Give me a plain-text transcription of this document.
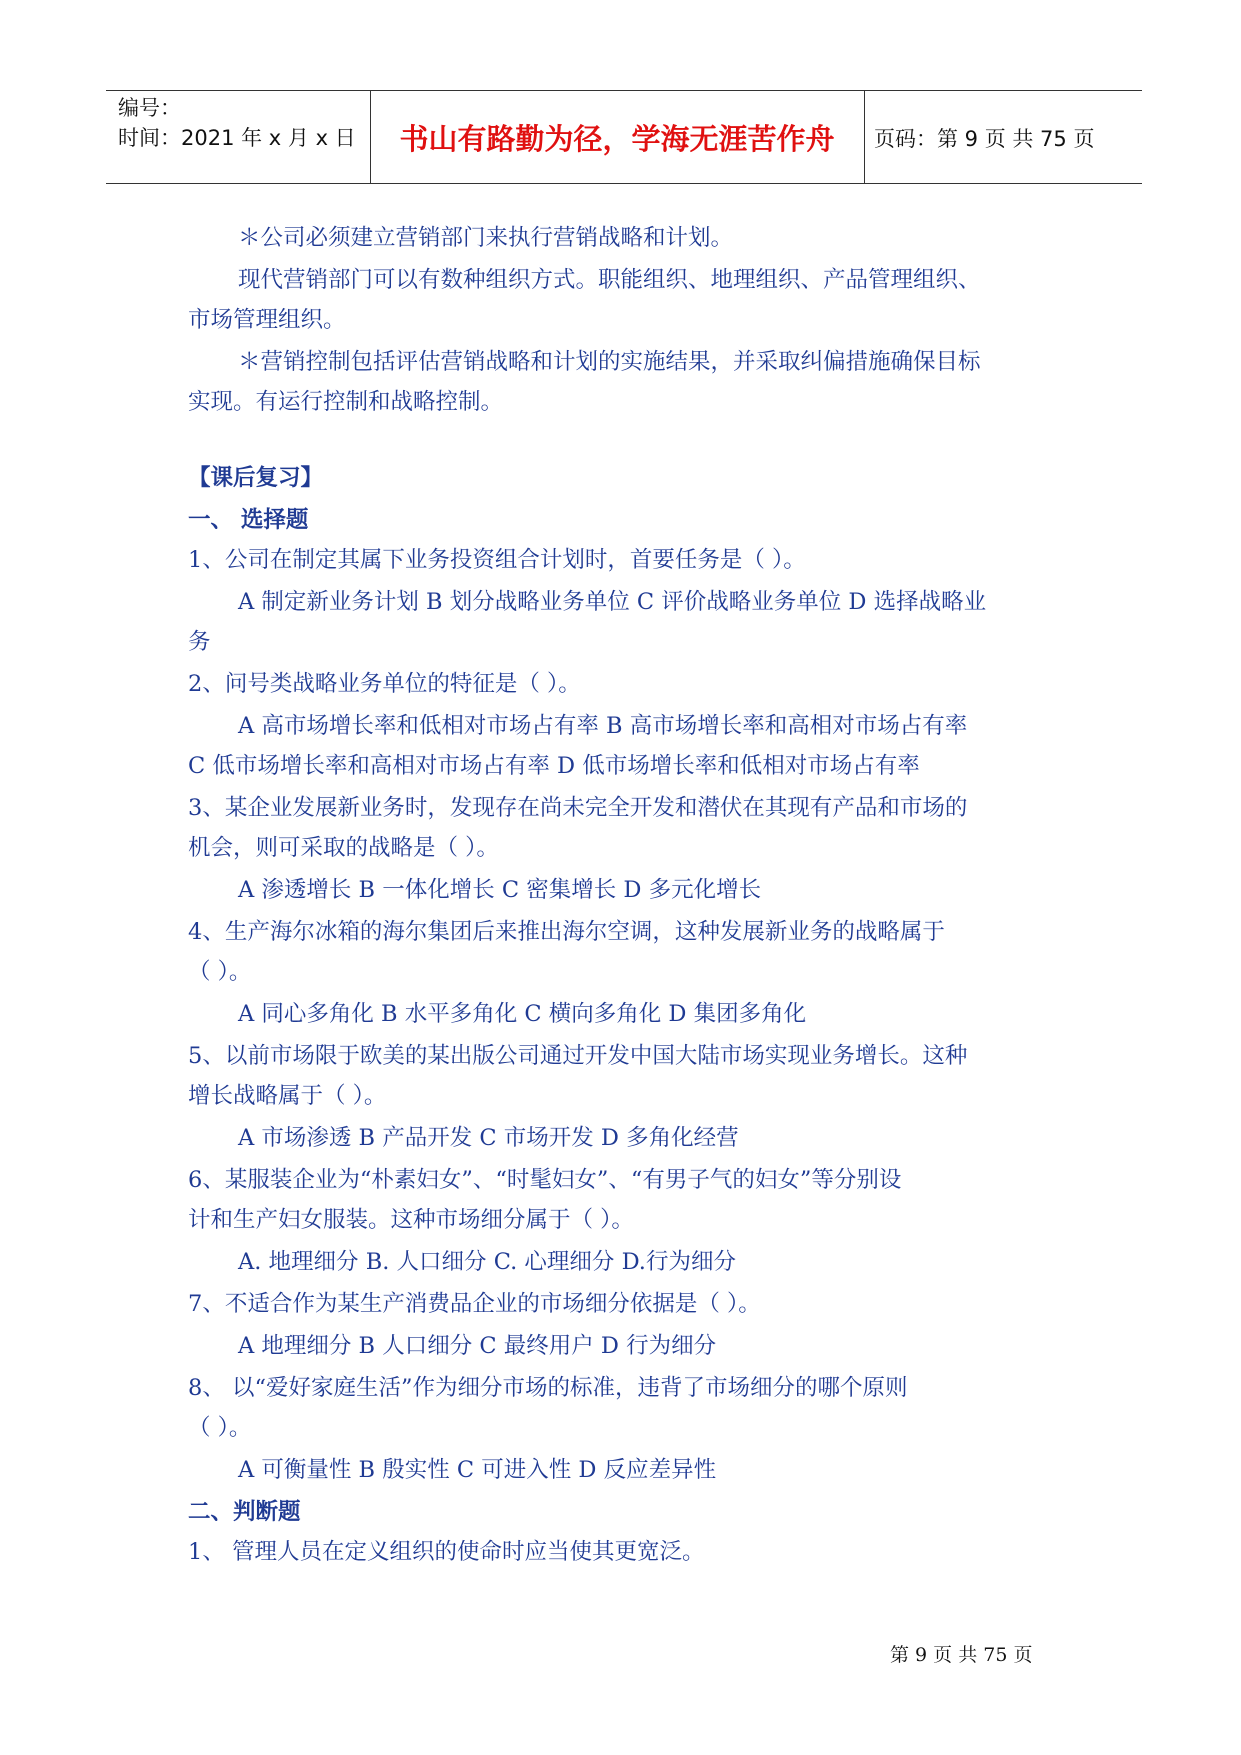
编号：
时间：2021 年 x 月 x 日	书山有路勤为径，学海无涯苦作舟	页码：第 9 页 共 75 页
＊公司必须建立营销部门来执行营销战略和计划。
现代营销部门可以有数种组织方式。职能组织、地理组织、产品管理组织、
市场管理组织。
＊营销控制包括评估营销战略和计划的实施结果，并采取纠偏措施确保目标
实现。有运行控制和战略控制。
【课后复习】
一、 选择题
1、公司在制定其属下业务投资组合计划时，首要任务是（ ）。
A 制定新业务计划 B 划分战略业务单位 C 评价战略业务单位 D 选择战略业
务
2、问号类战略业务单位的特征是（ ）。
A 高市场增长率和低相对市场占有率 B 高市场增长率和高相对市场占有率
C 低市场增长率和高相对市场占有率 D 低市场增长率和低相对市场占有率
3、某企业发展新业务时，发现存在尚未完全开发和潜伏在其现有产品和市场的
机会，则可采取的战略是（ ）。
A 渗透增长 B 一体化增长 C 密集增长 D 多元化增长
4、生产海尔冰箱的海尔集团后来推出海尔空调，这种发展新业务的战略属于
（ ）。
A 同心多角化 B 水平多角化 C 横向多角化 D 集团多角化
5、以前市场限于欧美的某出版公司通过开发中国大陆市场实现业务增长。这种
增长战略属于（ ）。
A 市场渗透 B 产品开发 C 市场开发 D 多角化经营
6、某服装企业为“朴素妇女”、“时髦妇女”、“有男子气的妇女”等分别设
计和生产妇女服装。这种市场细分属于（ ）。
A. 地理细分 B. 人口细分 C. 心理细分 D.行为细分
7、不适合作为某生产消费品企业的市场细分依据是（ ）。
A 地理细分 B 人口细分 C 最终用户 D 行为细分
8、 以“爱好家庭生活”作为细分市场的标准，违背了市场细分的哪个原则
（ ）。
A 可衡量性 B 殷实性 C 可进入性 D 反应差异性
二、判断题
1、 管理人员在定义组织的使命时应当使其更宽泛。
第 9 页 共 75 页
